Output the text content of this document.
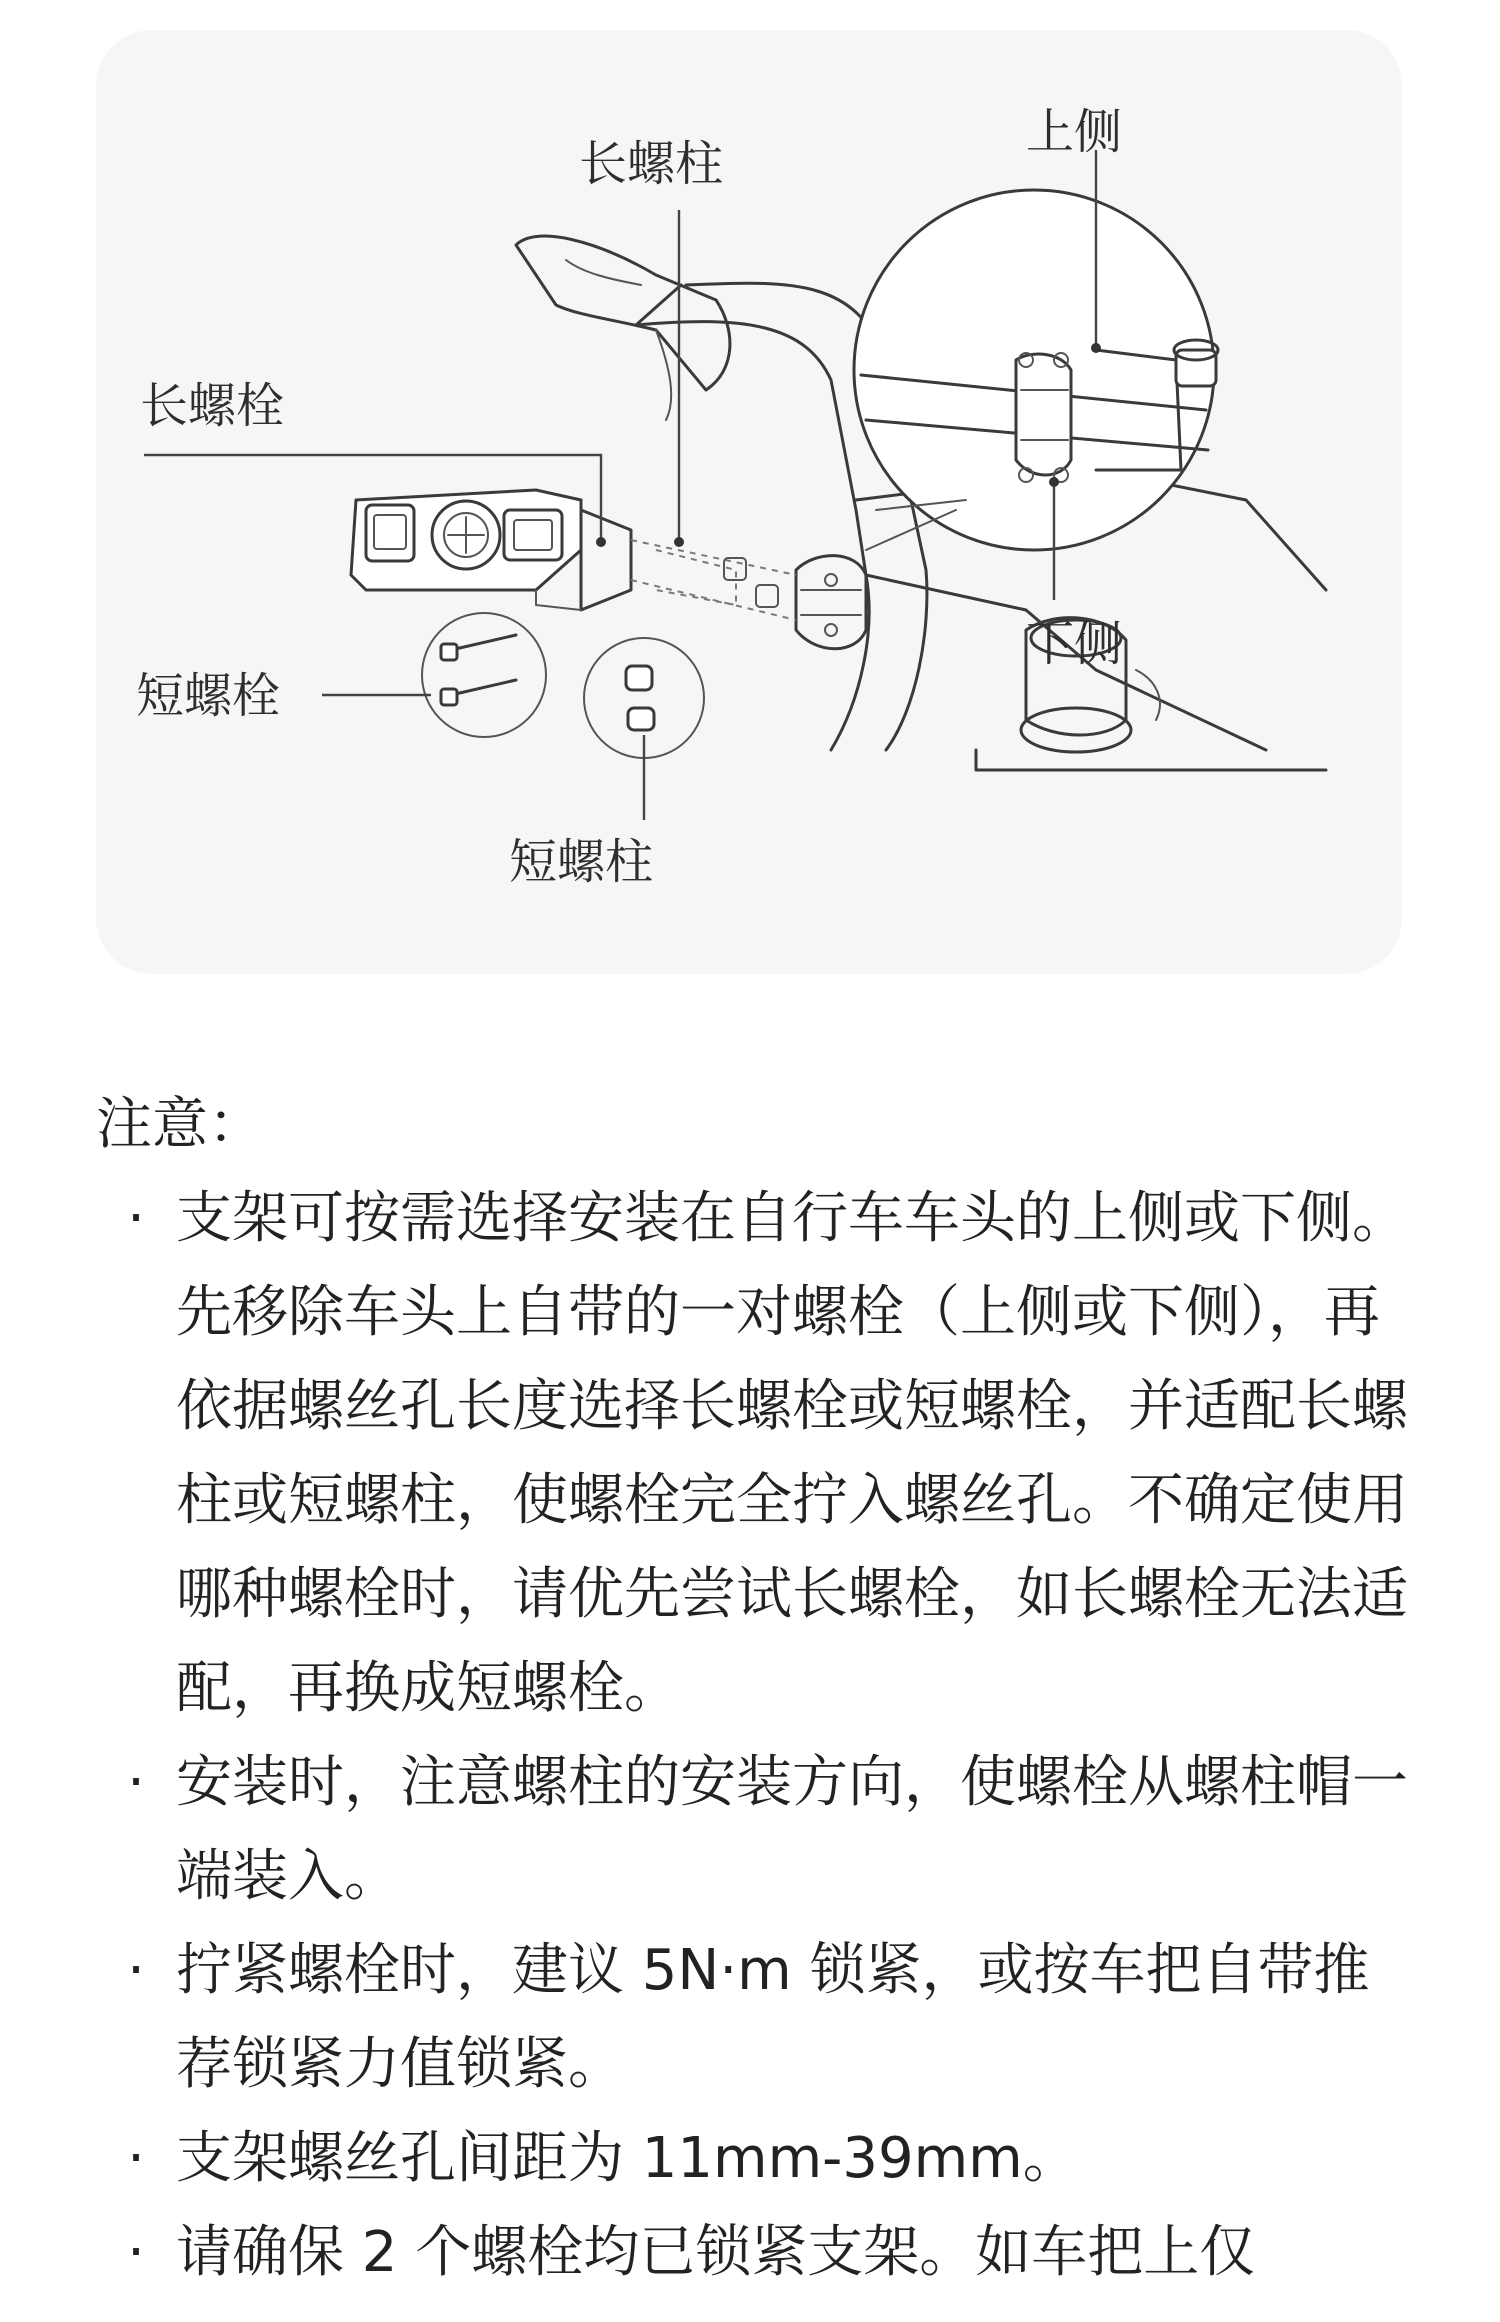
长螺柱
上侧
长螺栓
短螺栓
下侧
短螺柱

注意：

· 支架可按需选择安装在自行车车头的上侧或下侧。先移除车头上自带的一对螺栓（上侧或下侧），再依据螺丝孔长度选择长螺栓或短螺栓，并适配长螺柱或短螺柱，使螺栓完全拧入螺丝孔。不确定使用哪种螺栓时，请优先尝试长螺栓，如长螺栓无法适配，再换成短螺栓。
· 安装时，注意螺柱的安装方向，使螺栓从螺柱帽一端装入。
· 拧紧螺栓时，建议 5N·m 锁紧，或按车把自带推荐锁紧力值锁紧。
· 支架螺丝孔间距为 11mm-39mm。
· 请确保 2 个螺栓均已锁紧支架。如车把上仅
